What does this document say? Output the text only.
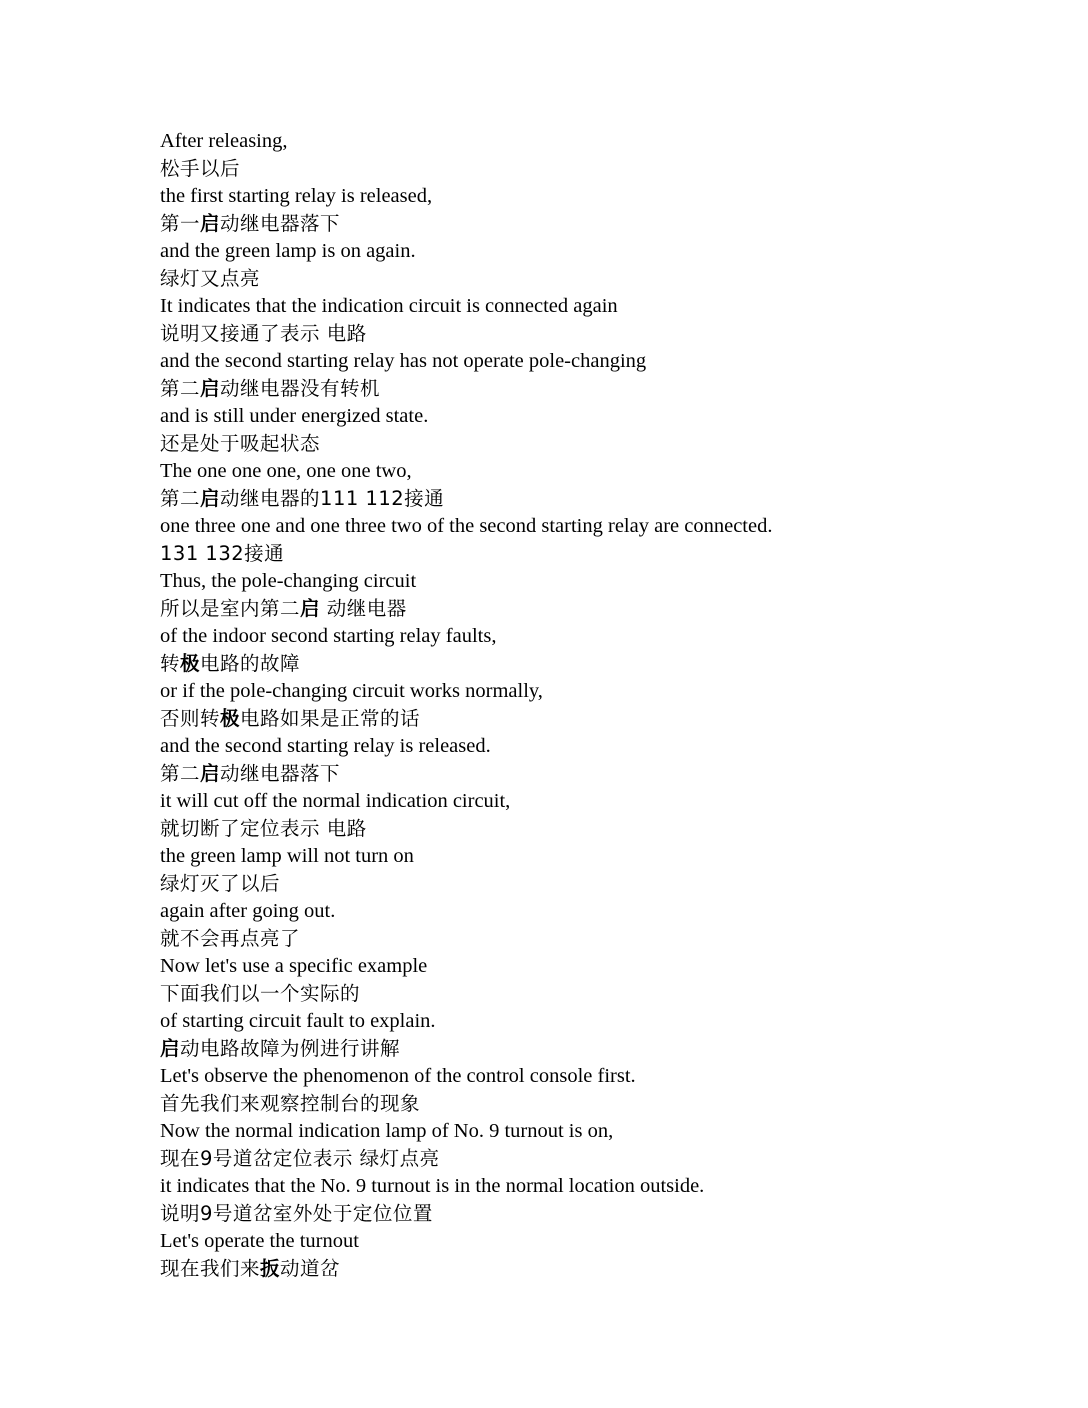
After releasing,
松手以后
the first starting relay is released,
第一启动继电器落下
and the green lamp is on again.
绿灯又点亮
It indicates that the indication circuit is connected again
说明又接通了表示 电路
and the second starting relay has not operate pole-changing
第二启动继电器没有转机
and is still under energized state.
还是处于吸起状态
The one one one, one one two,
第二启动继电器的111 112接通
one three one and one three two of the second starting relay are connected.
131 132接通
Thus, the pole-changing circuit
所以是室内第二启 动继电器
of the indoor second starting relay faults,
转极电路的故障
or if the pole-changing circuit works normally,
否则转极电路如果是正常的话
and the second starting relay is released.
第二启动继电器落下
it will cut off the normal indication circuit,
就切断了定位表示 电路
the green lamp will not turn on
绿灯灭了以后
again after going out.
就不会再点亮了
Now let's use a specific example
下面我们以一个实际的
of starting circuit fault to explain.
启动电路故障为例进行讲解
Let's observe the phenomenon of the control console first.
首先我们来观察控制台的现象
Now the normal indication lamp of No. 9 turnout is on,
现在9号道岔定位表示 绿灯点亮
it indicates that the No. 9 turnout is in the normal location outside.
说明9号道岔室外处于定位位置
Let's operate the turnout
现在我们来扳动道岔
